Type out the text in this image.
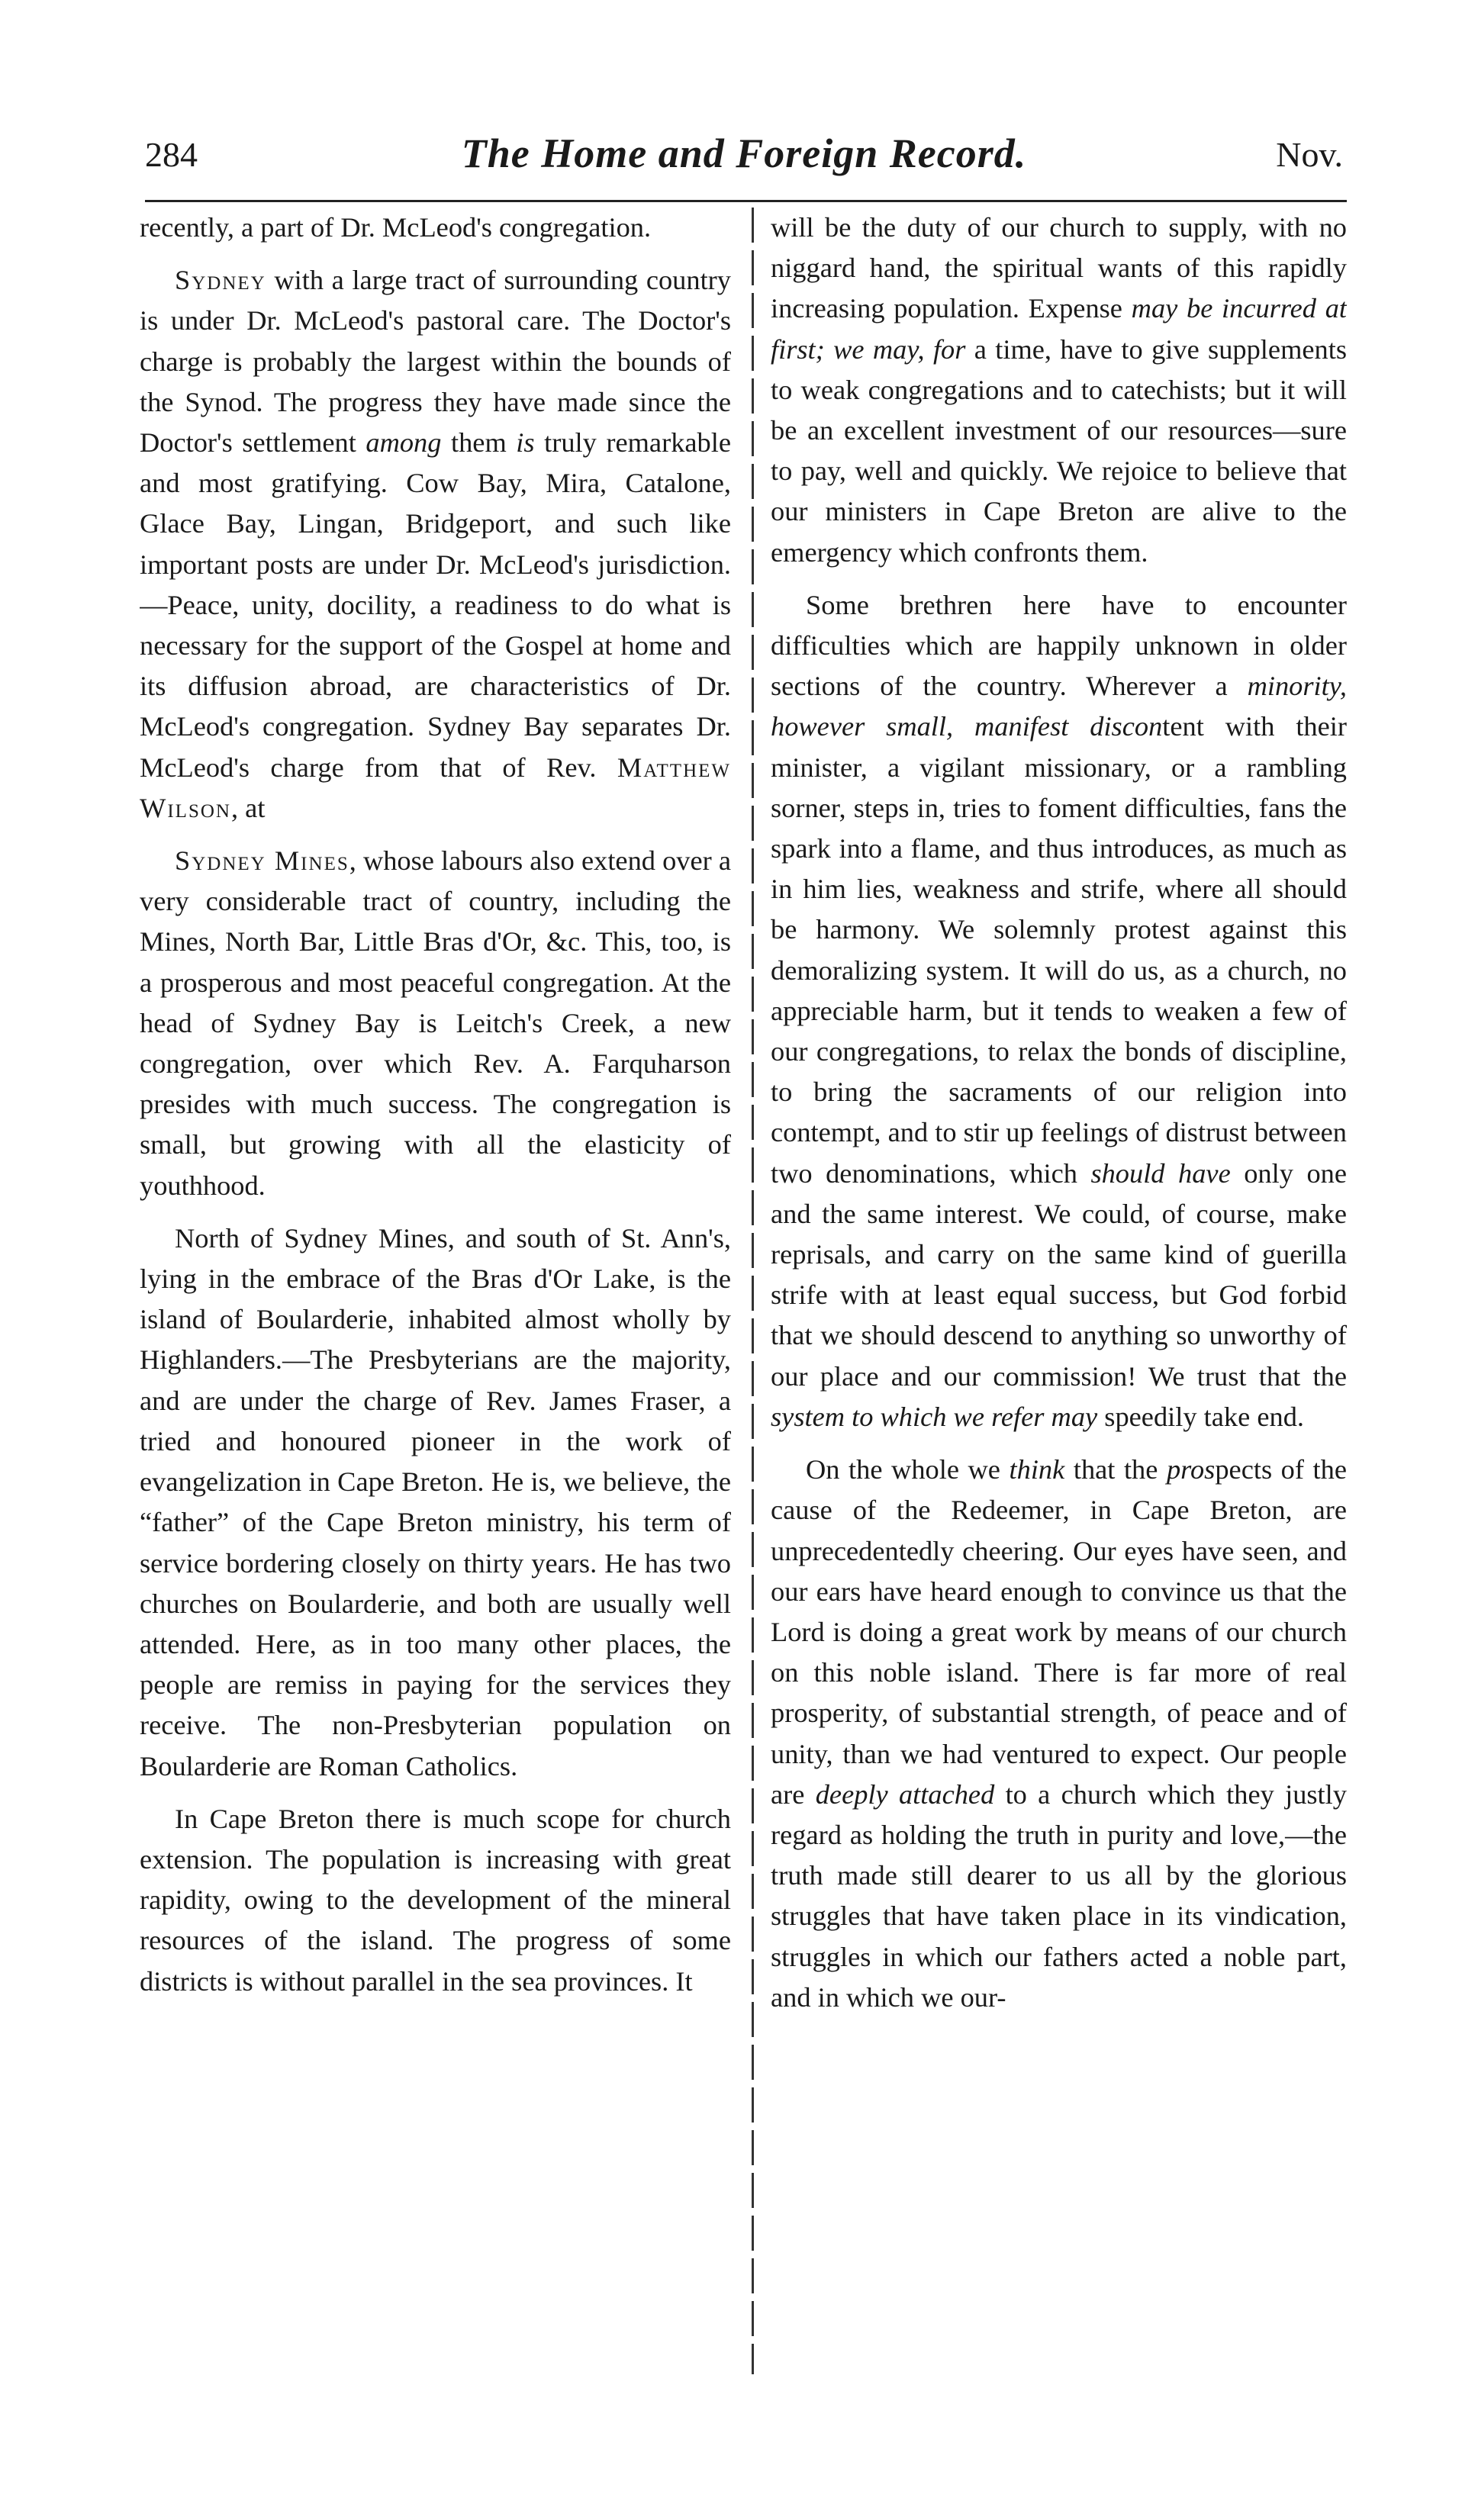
284	The Home and Foreign Record.	Nov.

recently, a part of Dr. McLeod's congregation.

Sydney with a large tract of surrounding country is under Dr. McLeod's pastoral care. The Doctor's charge is probably the largest within the bounds of the Synod. The progress they have made since the Doctor's settlement among them is truly remarkable and most gratifying. Cow Bay, Mira, Catalone, Glace Bay, Lingan, Bridgeport, and such like important posts are under Dr. McLeod's jurisdiction.—Peace, unity, docility, a readiness to do what is necessary for the support of the Gospel at home and its diffusion abroad, are characteristics of Dr. McLeod's congregation. Sydney Bay separates Dr. McLeod's charge from that of Rev. Matthew Wilson, at

Sydney Mines, whose labours also extend over a very considerable tract of country, including the Mines, North Bar, Little Bras d'Or, &c. This, too, is a prosperous and most peaceful congregation. At the head of Sydney Bay is Leitch's Creek, a new congregation, over which Rev. A. Farquharson presides with much success. The congregation is small, but growing with all the elasticity of youthhood.

North of Sydney Mines, and south of St. Ann's, lying in the embrace of the Bras d'Or Lake, is the island of Boularderie, inhabited almost wholly by Highlanders.—The Presbyterians are the majority, and are under the charge of Rev. James Fraser, a tried and honoured pioneer in the work of evangelization in Cape Breton. He is, we believe, the “father” of the Cape Breton ministry, his term of service bordering closely on thirty years. He has two churches on Boularderie, and both are usually well attended. Here, as in too many other places, the people are remiss in paying for the services they receive. The non-Presbyterian population on Boularderie are Roman Catholics.

In Cape Breton there is much scope for church extension. The population is increasing with great rapidity, owing to the development of the mineral resources of the island. The progress of some districts is without parallel in the sea provinces. It

will be the duty of our church to supply, with no niggard hand, the spiritual wants of this rapidly increasing population. Expense may be incurred at first; we may, for a time, have to give supplements to weak congregations and to catechists; but it will be an excellent investment of our resources—sure to pay, well and quickly. We rejoice to believe that our ministers in Cape Breton are alive to the emergency which confronts them.

Some brethren here have to encounter difficulties which are happily unknown in older sections of the country. Wherever a minority, however small, manifest discontent with their minister, a vigilant missionary, or a rambling sorner, steps in, tries to foment difficulties, fans the spark into a flame, and thus introduces, as much as in him lies, weakness and strife, where all should be harmony. We solemnly protest against this demoralizing system. It will do us, as a church, no appreciable harm, but it tends to weaken a few of our congregations, to relax the bonds of discipline, to bring the sacraments of our religion into contempt, and to stir up feelings of distrust between two denominations, which should have only one and the same interest. We could, of course, make reprisals, and carry on the same kind of guerilla strife with at least equal success, but God forbid that we should descend to anything so unworthy of our place and our commission! We trust that the system to which we refer may speedily take end.

On the whole we think that the prospects of the cause of the Redeemer, in Cape Breton, are unprecedentedly cheering. Our eyes have seen, and our ears have heard enough to convince us that the Lord is doing a great work by means of our church on this noble island. There is far more of real prosperity, of substantial strength, of peace and of unity, than we had ventured to expect. Our people are deeply attached to a church which they justly regard as holding the truth in purity and love,—the truth made still dearer to us all by the glorious struggles that have taken place in its vindication, struggles in which our fathers acted a noble part, and in which we our-
